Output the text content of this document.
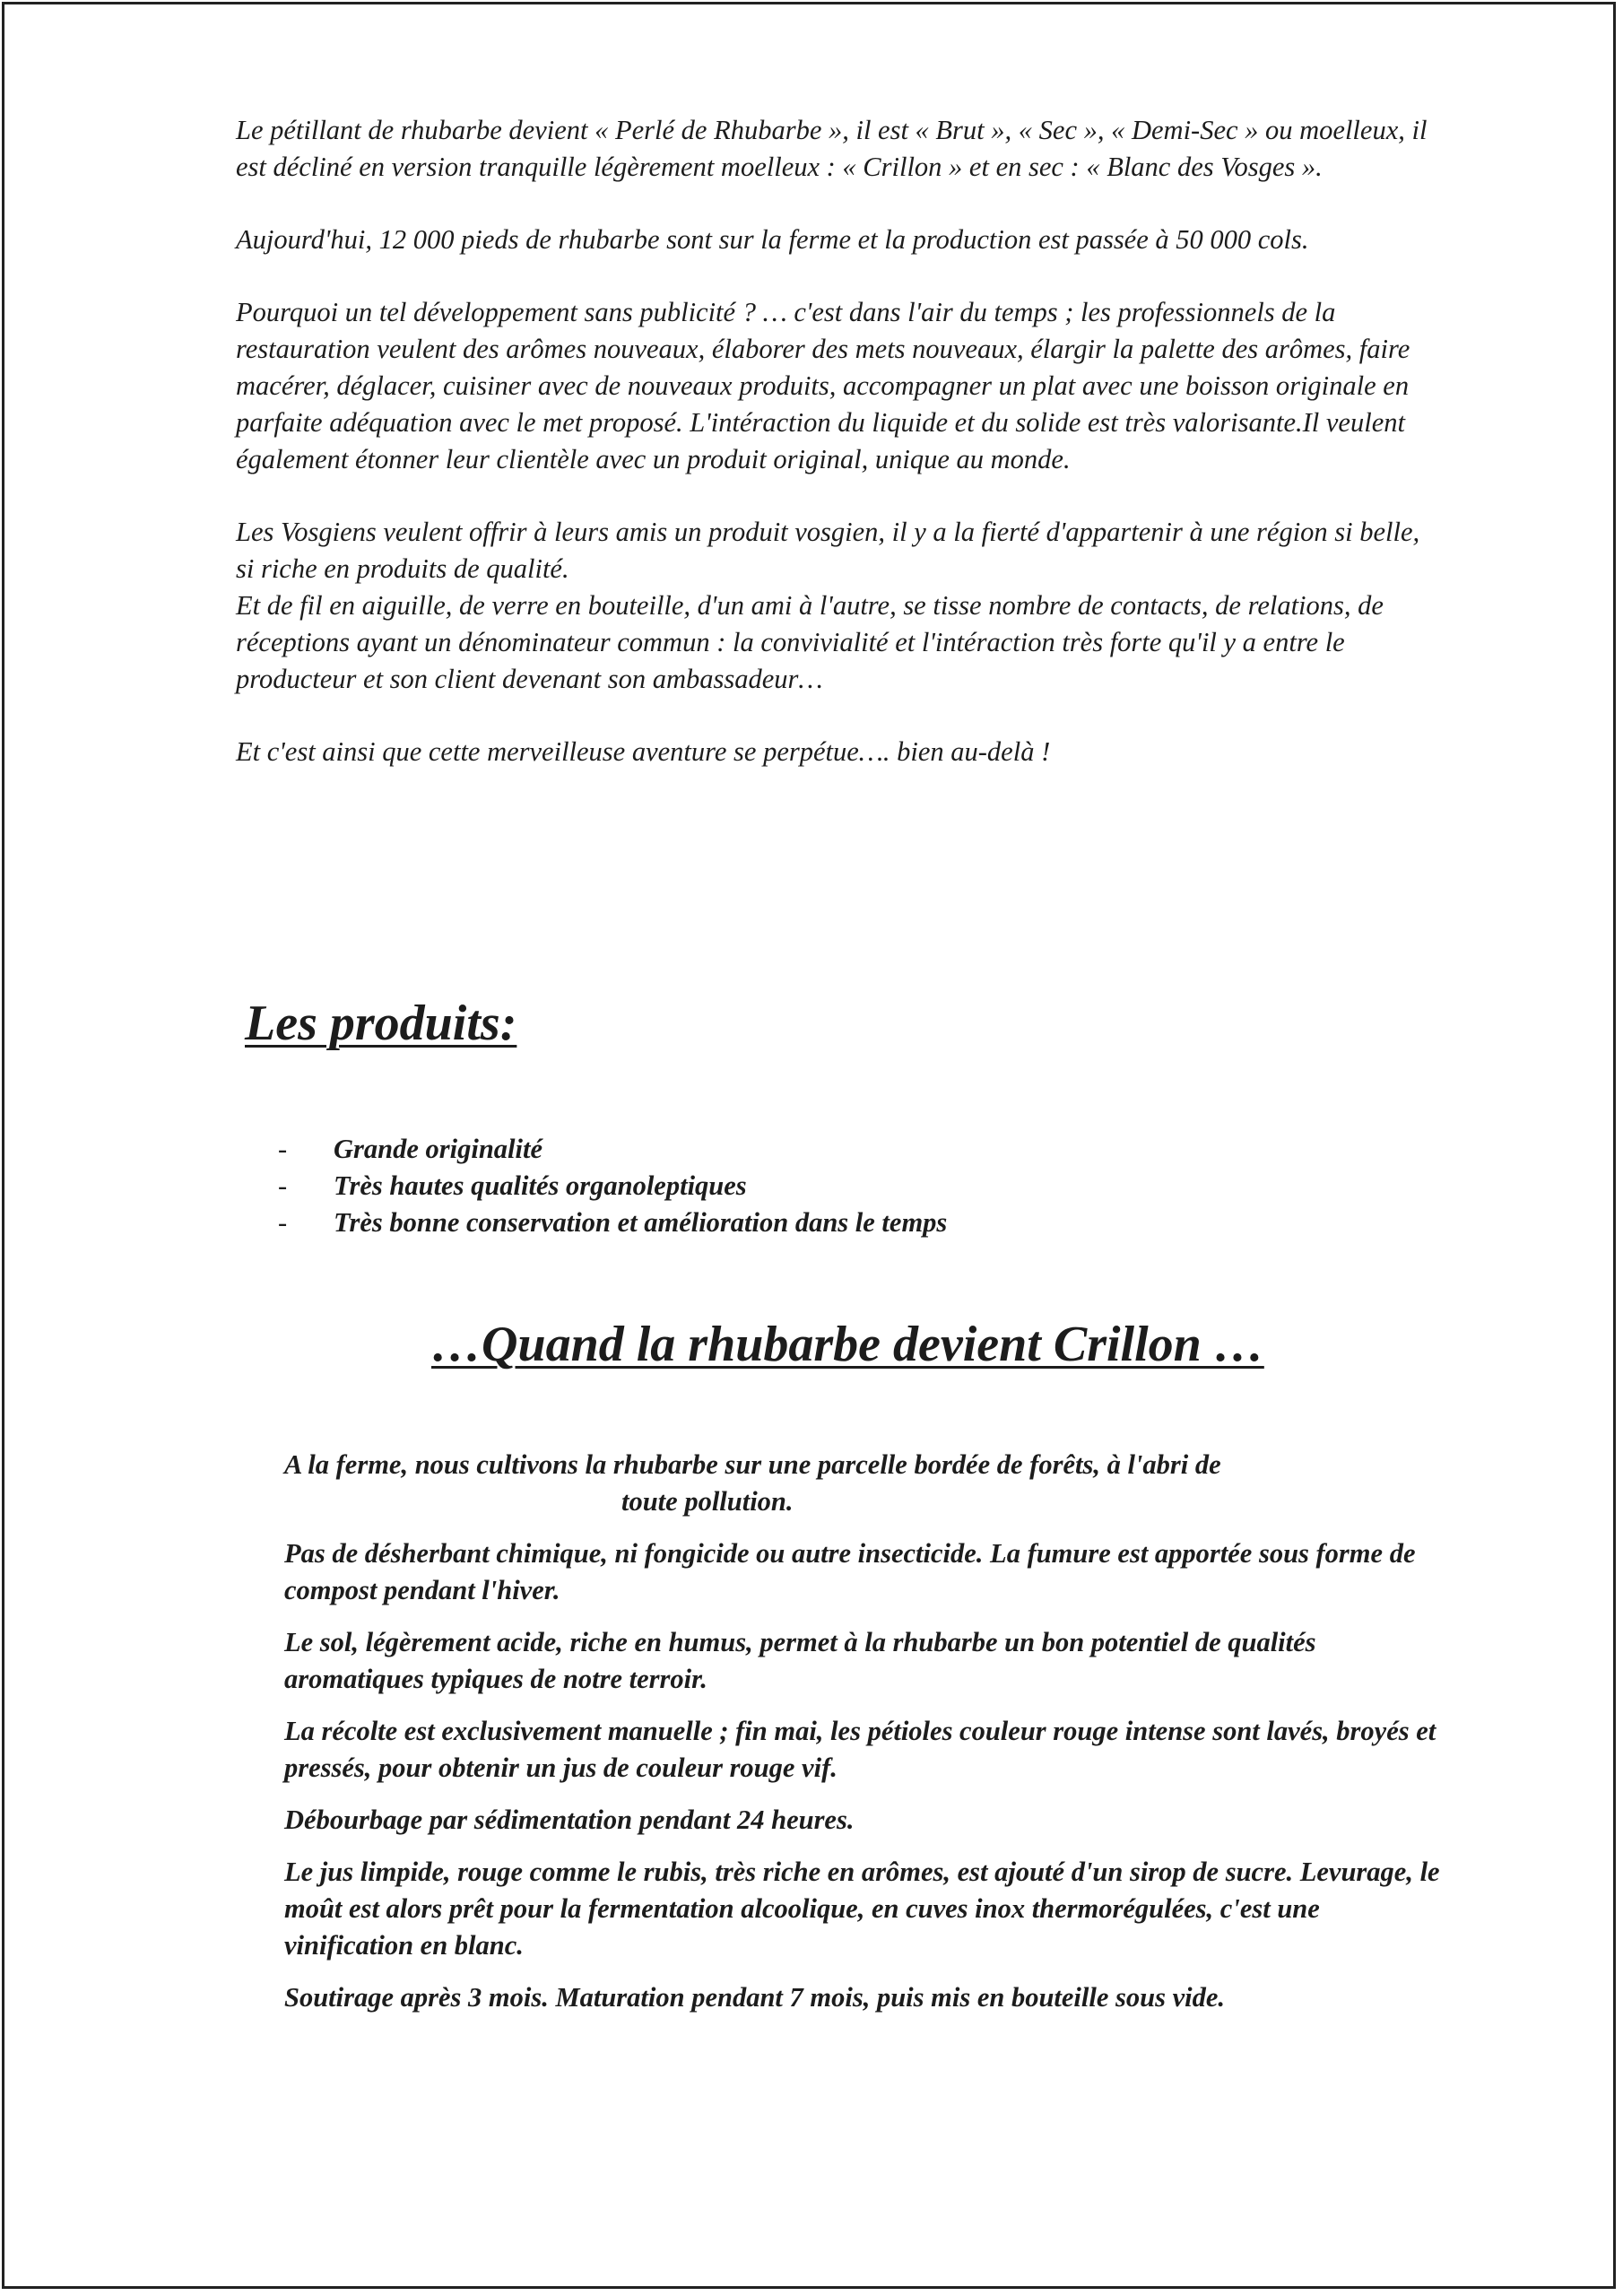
Le pétillant de rhubarbe devient « Perlé de Rhubarbe », il est « Brut », « Sec », « Demi-Sec » ou moelleux, il est décliné en version tranquille légèrement moelleux : « Crillon » et en sec : « Blanc des Vosges ».

Aujourd'hui, 12 000 pieds de rhubarbe sont sur la ferme et la production est passée à 50 000 cols.

Pourquoi un tel développement sans publicité ? … c'est dans l'air du temps ; les professionnels de la restauration veulent des arômes nouveaux, élaborer des mets nouveaux, élargir la palette des arômes, faire macérer, déglacer, cuisiner avec de nouveaux produits, accompagner un plat avec une boisson originale en parfaite adéquation avec le met proposé. L'intéraction du liquide et du solide est très valorisante.Il veulent également étonner leur clientèle avec un produit original, unique au monde.

Les Vosgiens veulent offrir à leurs amis un produit vosgien, il y a la fierté d'appartenir à une région si belle, si riche en produits de qualité.

Et de fil en aiguille, de verre en bouteille, d'un ami à l'autre, se tisse nombre de contacts, de relations, de réceptions ayant un dénominateur commun : la convivialité et l'intéraction très forte qu'il y a entre le producteur et son client devenant son ambassadeur…

Et c'est ainsi que cette merveilleuse aventure se perpétue…. bien au-delà !

Les produits:
- Grande originalité
- Très hautes qualités organoleptiques
- Très bonne conservation et amélioration dans le temps
…Quand la rhubarbe devient Crillon …

A la ferme, nous cultivons la rhubarbe sur une parcelle bordée de forêts, à l'abri de
toute pollution.

Pas de désherbant chimique, ni fongicide ou autre insecticide. La fumure est apportée sous forme de compost pendant l'hiver.

Le sol, légèrement acide, riche en humus, permet à la rhubarbe un bon potentiel de qualités aromatiques typiques de notre terroir.

La récolte est exclusivement manuelle ; fin mai, les pétioles couleur rouge intense sont lavés, broyés et pressés, pour obtenir un jus de couleur rouge vif.

Débourbage par sédimentation pendant 24 heures.

Le jus limpide, rouge comme le rubis, très riche en arômes, est ajouté d'un sirop de sucre. Levurage, le moût est alors prêt pour la fermentation alcoolique, en cuves inox thermorégulées, c'est une vinification en blanc.

Soutirage après 3 mois. Maturation pendant 7 mois, puis mis en bouteille sous vide.
